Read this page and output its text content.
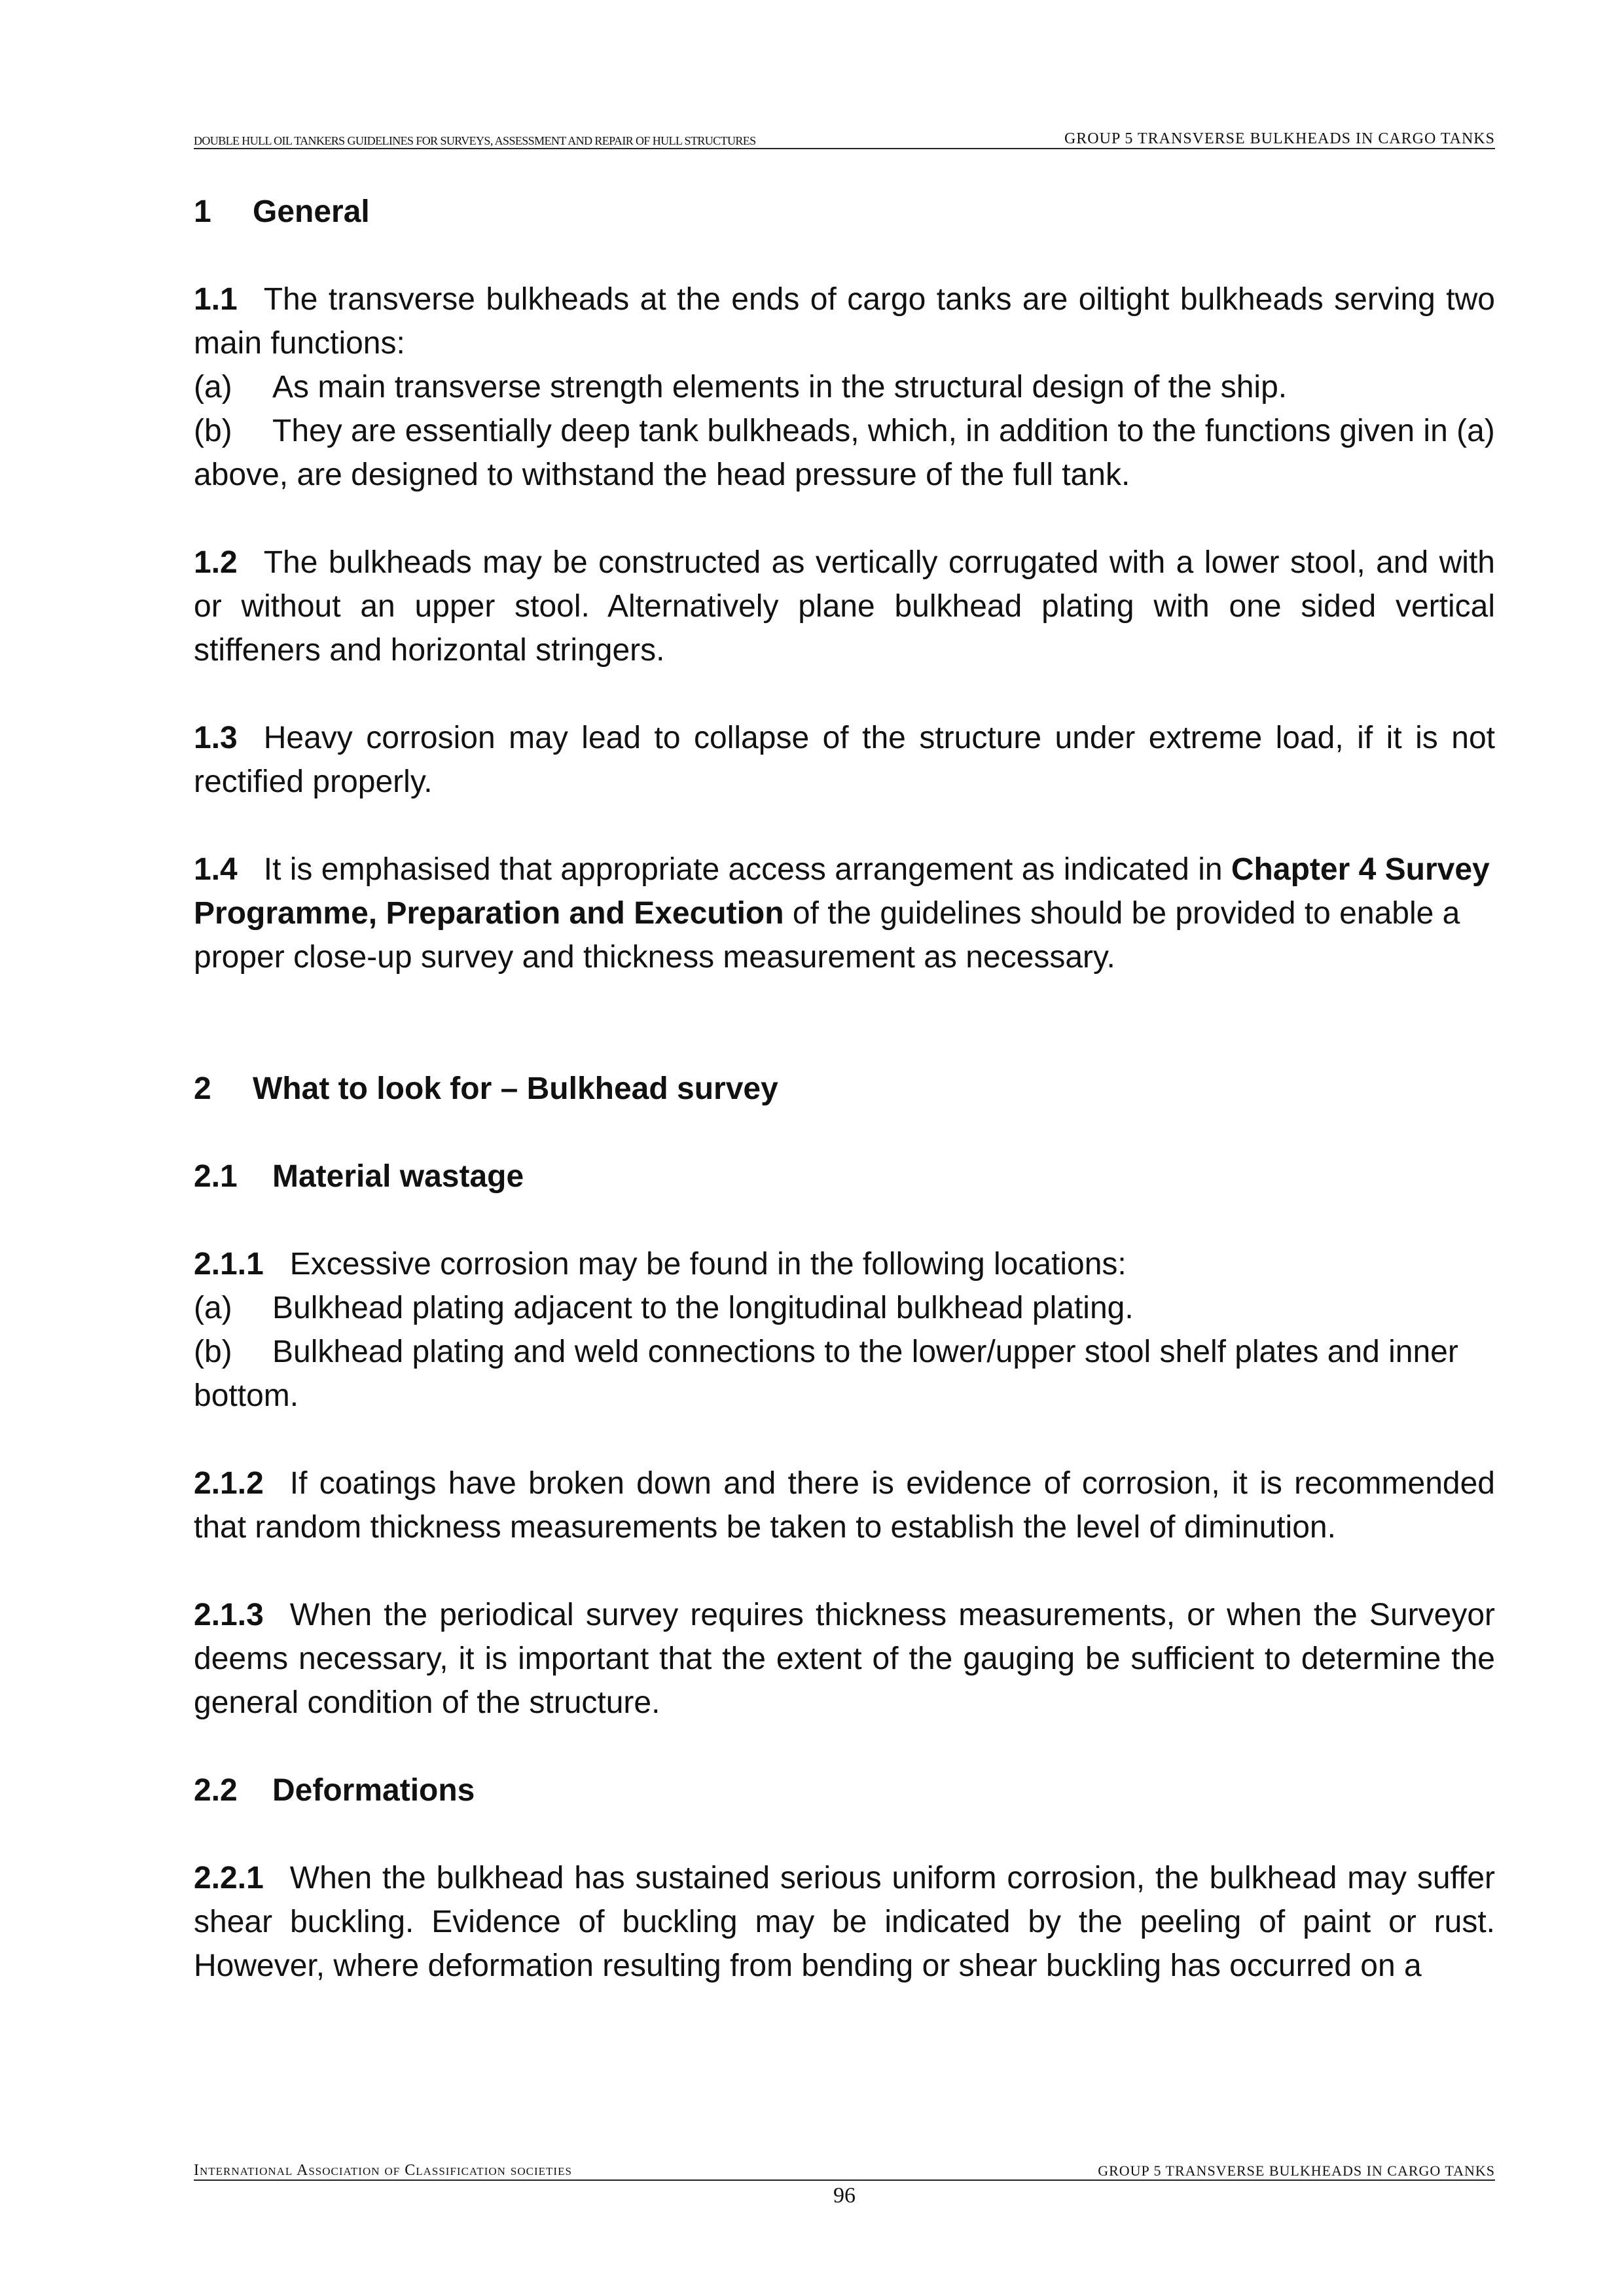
DOUBLE HULL OIL TANKERS GUIDELINES FOR SURVEYS, ASSESSMENT AND REPAIR OF HULL STRUCTURES	GROUP 5 TRANSVERSE BULKHEADS IN CARGO TANKS
1 General

1.1 The transverse bulkheads at the ends of cargo tanks are oiltight bulkheads serving two main functions:
(a) As main transverse strength elements in the structural design of the ship.
(b) They are essentially deep tank bulkheads, which, in addition to the functions given in (a) above, are designed to withstand the head pressure of the full tank.

1.2 The bulkheads may be constructed as vertically corrugated with a lower stool, and with or without an upper stool. Alternatively plane bulkhead plating with one sided vertical stiffeners and horizontal stringers.

1.3 Heavy corrosion may lead to collapse of the structure under extreme load, if it is not rectified properly.

1.4 It is emphasised that appropriate access arrangement as indicated in Chapter 4 Survey Programme, Preparation and Execution of the guidelines should be provided to enable a proper close-up survey and thickness measurement as necessary.

2 What to look for – Bulkhead survey
2.1 Material wastage

2.1.1 Excessive corrosion may be found in the following locations:
(a) Bulkhead plating adjacent to the longitudinal bulkhead plating.
(b) Bulkhead plating and weld connections to the lower/upper stool shelf plates and inner bottom.

2.1.2 If coatings have broken down and there is evidence of corrosion, it is recommended that random thickness measurements be taken to establish the level of diminution.

2.1.3 When the periodical survey requires thickness measurements, or when the Surveyor deems necessary, it is important that the extent of the gauging be sufficient to determine the general condition of the structure.

2.2 Deformations

2.2.1 When the bulkhead has sustained serious uniform corrosion, the bulkhead may suffer shear buckling. Evidence of buckling may be indicated by the peeling of paint or rust. However, where deformation resulting from bending or shear buckling has occurred on a

International Association of Classification societies	GROUP 5 TRANSVERSE BULKHEADS IN CARGO TANKS
96
